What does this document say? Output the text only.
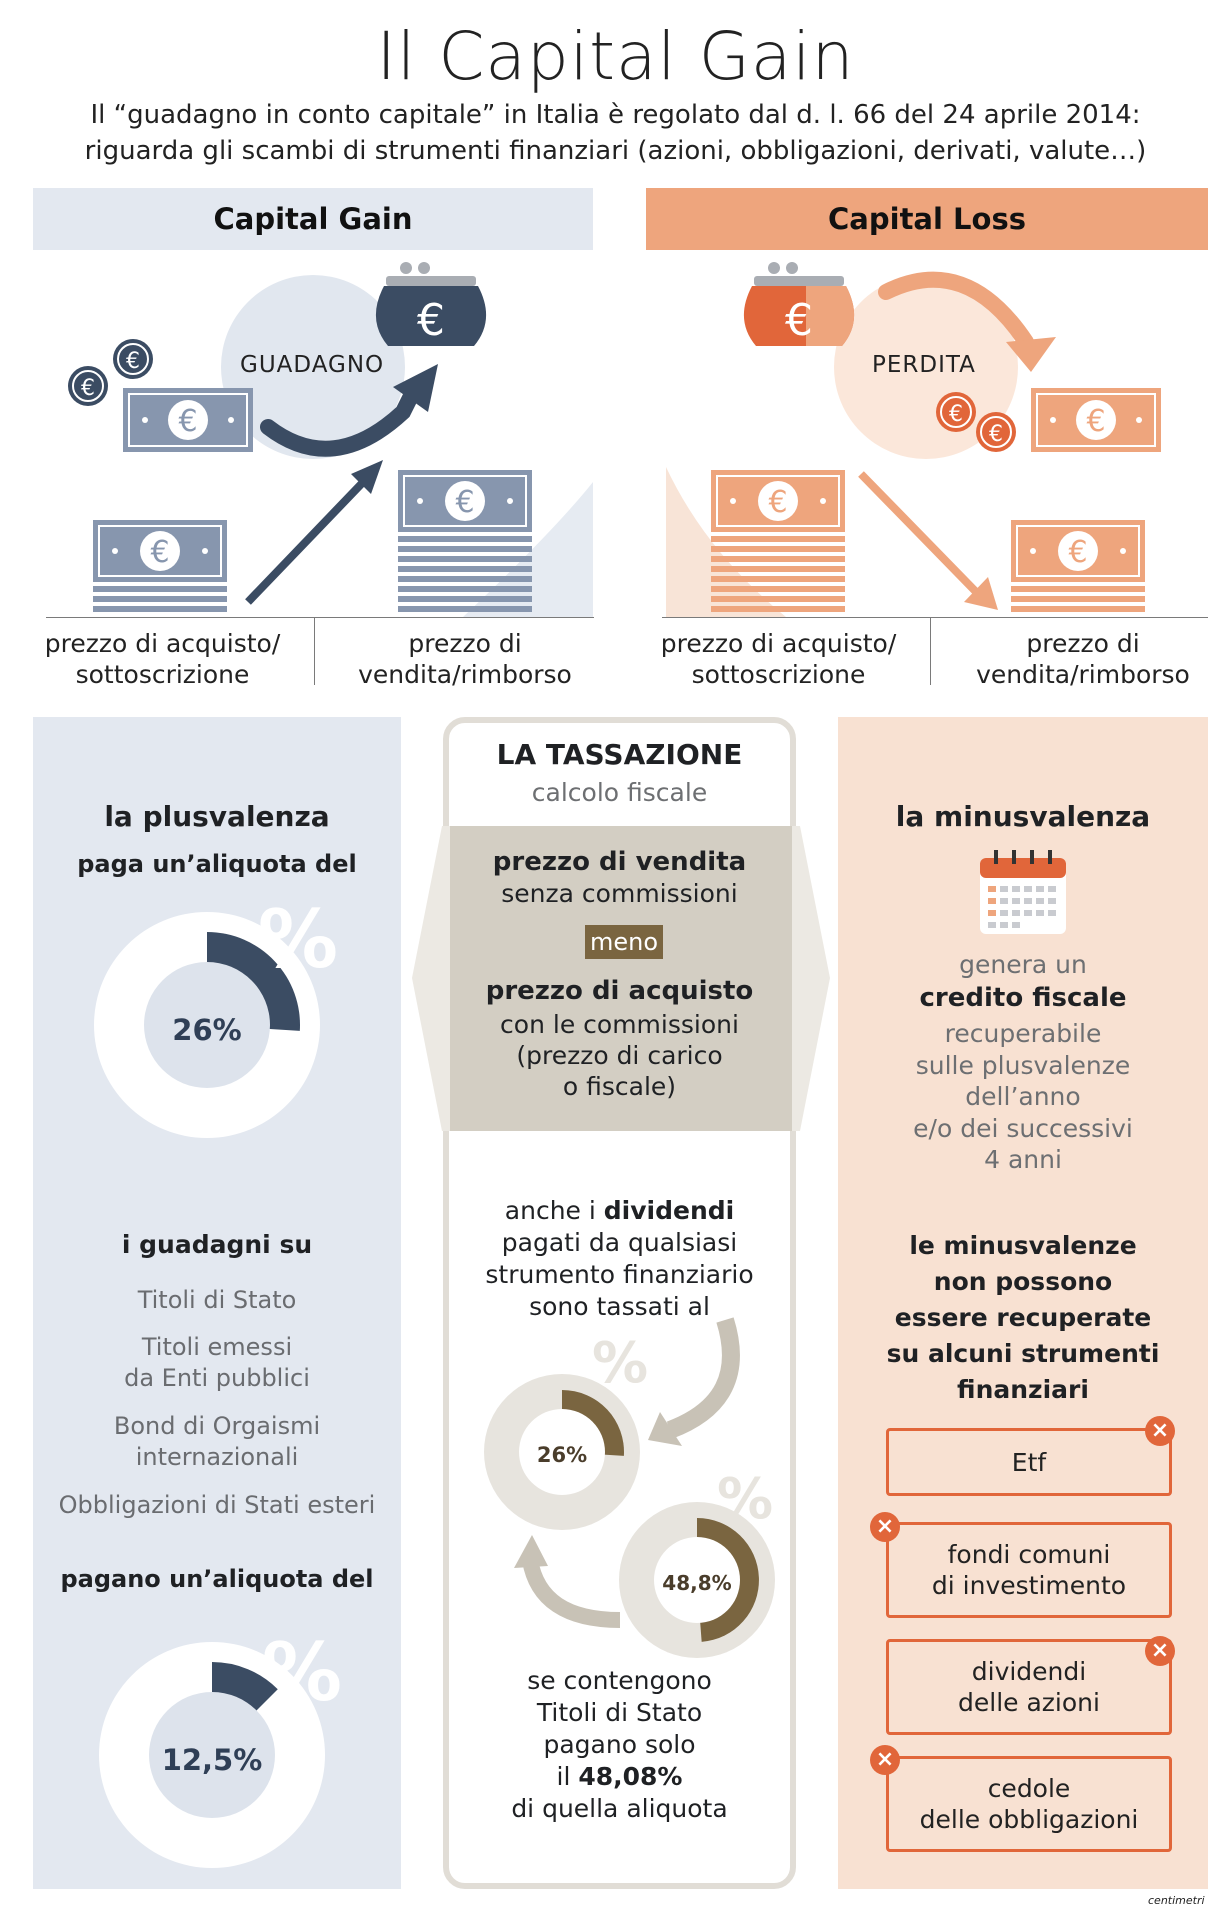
Il Capital Gain
Il “guadagno in conto capitale” in Italia è regolato dal d. l. 66 del 24 aprile 2014:
riguarda gli scambi di strumenti finanziari (azioni, obbligazioni, derivati, valute…)
Capital Gain
€
€
€
€
€
€
GUADAGNO
prezzo di acquisto/
sottoscrizione
prezzo di
vendita/rimborso
Capital Loss
€
€
€
€
€
€
PERDITA
prezzo di acquisto/
sottoscrizione
prezzo di
vendita/rimborso
la plusvalenza
paga un’aliquota del
%
26%
i guadagni su
Titoli di Stato
Titoli emessi
da Enti pubblici
Bond di Orgaismi
internazionali
Obbligazioni di Stati esteri
pagano un’aliquota del
%
12,5%
LA TASSAZIONE
calcolo fiscale
prezzo di vendita
senza commissioni
meno
prezzo di acquisto
con le commissioni
(prezzo di carico
o fiscale)
anche i dividendi
pagati da qualsiasi
strumento finanziario
sono tassati al
%
26%
%
48,8%
se contengono
Titoli di Stato
pagano solo
il 48,08%
di quella aliquota
la minusvalenza
genera un
credito fiscale
recuperabile
sulle plusvalenze
dell’anno
e/o dei successivi
4 anni
le minusvalenze
non possono
essere recuperate
su alcuni strumenti
finanziari
Etf
×
fondi comuni
di investimento
×
dividendi
delle azioni
×
cedole
delle obbligazioni
×
centimetri
